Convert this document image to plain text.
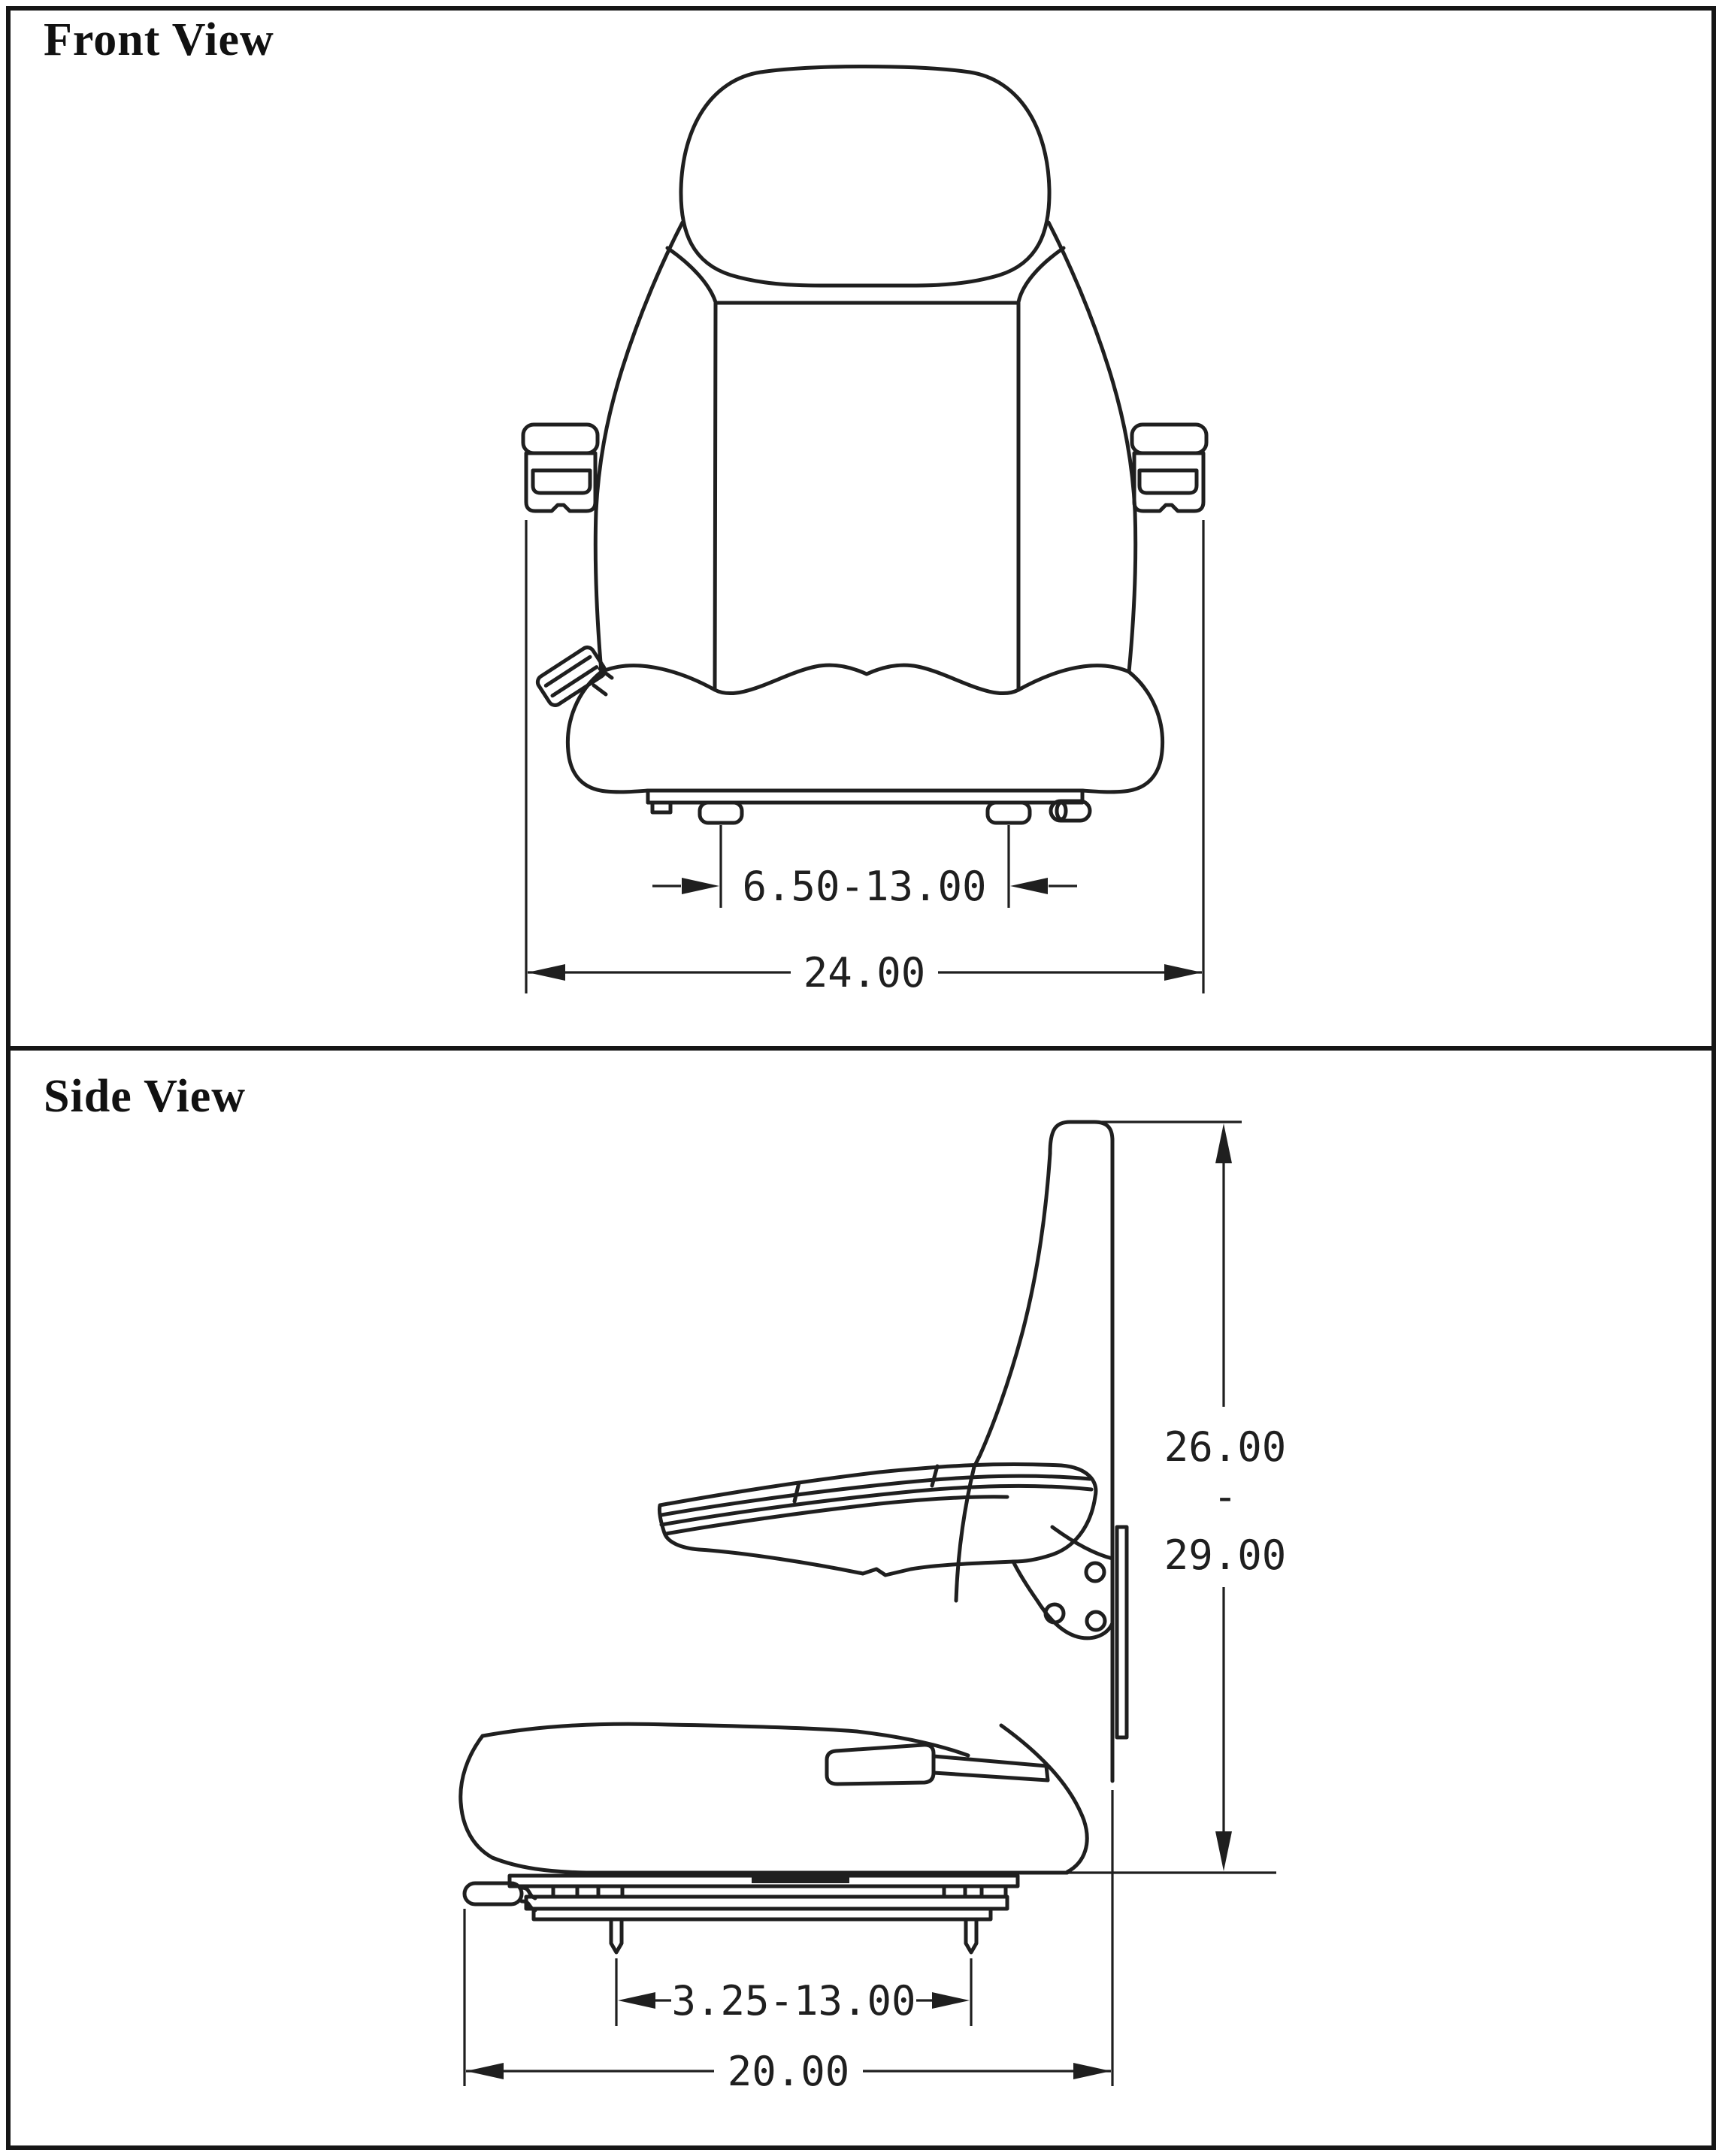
Front View
Side View
6.50-13.00
24.00
26.00
-
29.00
3.25-13.00
20.00
